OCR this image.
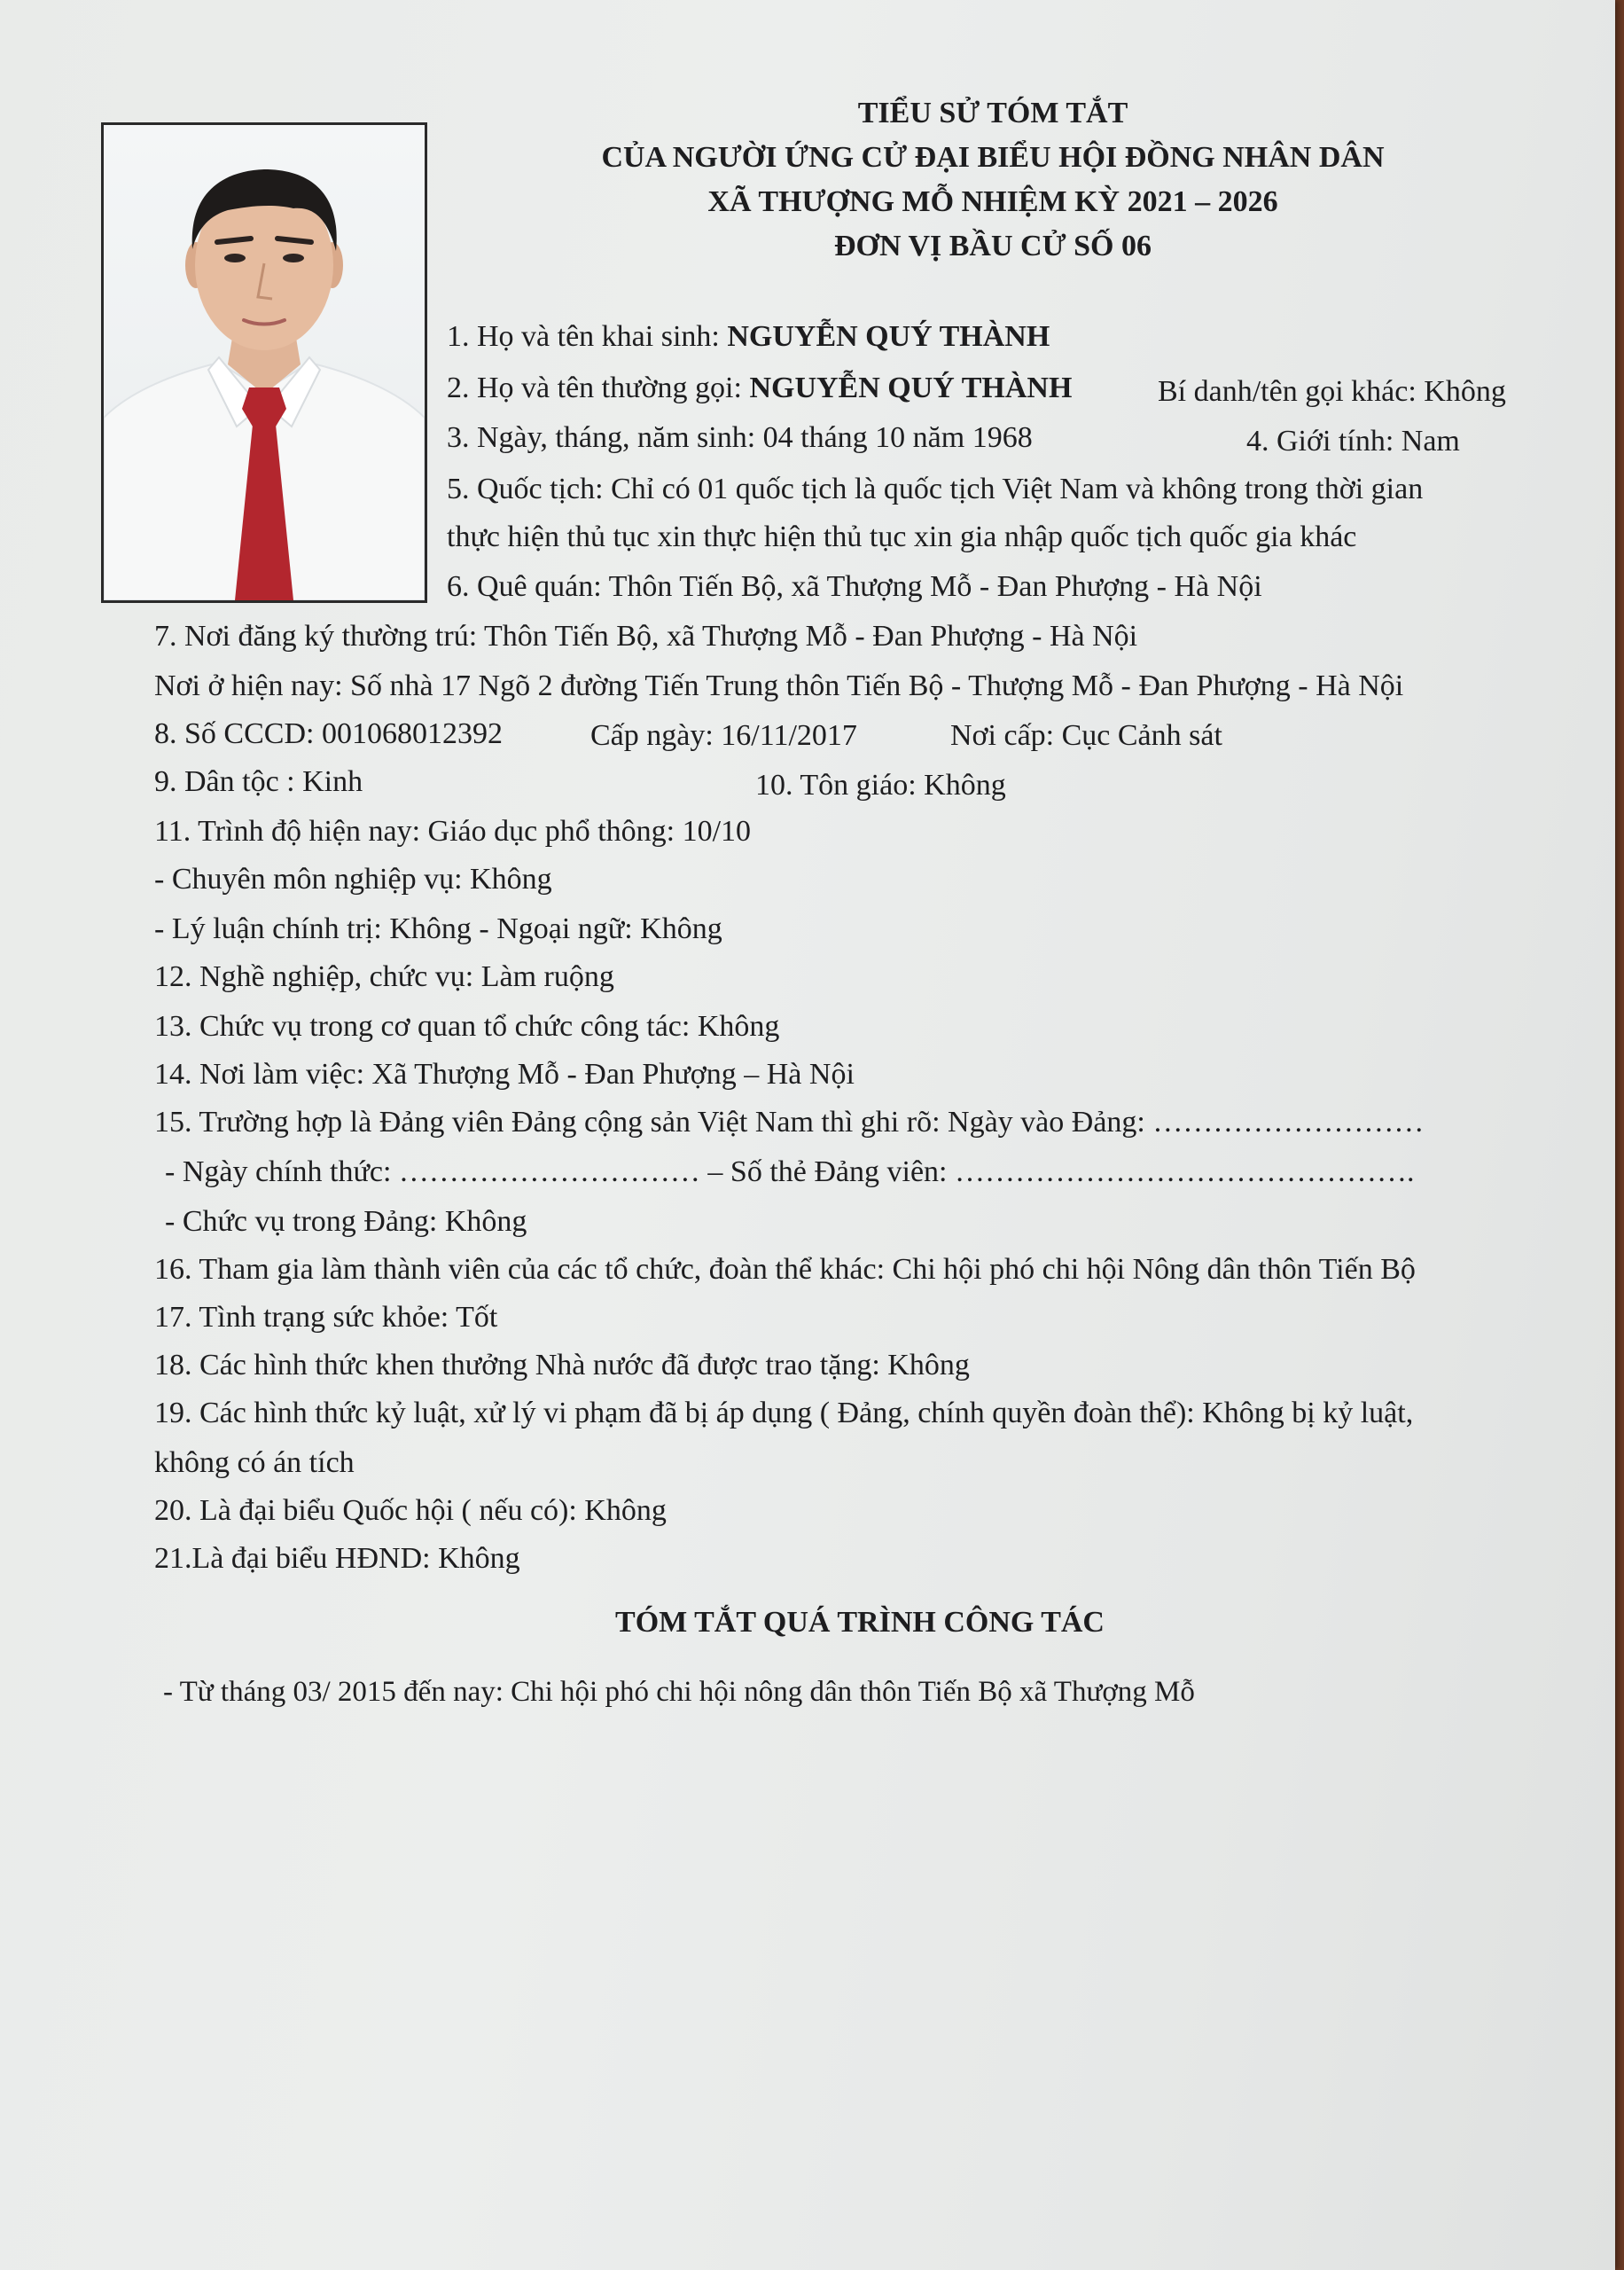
TIỂU SỬ TÓM TẮT
CỦA NGƯỜI ỨNG CỬ ĐẠI BIỂU HỘI ĐỒNG NHÂN DÂN
XÃ THƯỢNG MỖ NHIỆM KỲ 2021 – 2026
ĐƠN VỊ BẦU CỬ SỐ 06
1. Họ và tên khai sinh: NGUYỄN QUÝ THÀNH
2. Họ và tên thường gọi: NGUYỄN QUÝ THÀNH	Bí danh/tên gọi khác: Không
3. Ngày, tháng, năm sinh: 04 tháng 10 năm 1968	4. Giới tính: Nam
5. Quốc tịch: Chỉ có 01 quốc tịch là quốc tịch Việt Nam và không trong thời gian
thực hiện thủ tục xin thực hiện thủ tục xin gia nhập quốc tịch quốc gia khác
6. Quê quán: Thôn Tiến Bộ, xã Thượng Mỗ - Đan Phượng - Hà Nội
7. Nơi đăng ký thường trú: Thôn Tiến Bộ, xã Thượng Mỗ - Đan Phượng - Hà Nội
Nơi ở hiện nay: Số nhà 17 Ngõ 2 đường Tiến Trung thôn Tiến Bộ - Thượng Mỗ - Đan Phượng - Hà Nội
8. Số CCCD: 001068012392	Cấp ngày: 16/11/2017	Nơi cấp: Cục Cảnh sát
9. Dân tộc : Kinh	10. Tôn giáo: Không
11. Trình độ hiện nay: Giáo dục phổ thông: 10/10
- Chuyên môn nghiệp vụ: Không
- Lý luận chính trị: Không - Ngoại ngữ: Không
12. Nghề nghiệp, chức vụ: Làm ruộng
13. Chức vụ trong cơ quan tổ chức công tác: Không
14. Nơi làm việc: Xã Thượng Mỗ - Đan Phượng – Hà Nội
15. Trường hợp là Đảng viên Đảng cộng sản Việt Nam thì ghi rõ: Ngày vào Đảng: ………………………
- Ngày chính thức: ………………………… – Số thẻ Đảng viên: ……………………………………….
- Chức vụ trong Đảng: Không
16. Tham gia làm thành viên của các tổ chức, đoàn thể khác: Chi hội phó chi hội Nông dân thôn Tiến Bộ
17. Tình trạng sức khỏe: Tốt
18. Các hình thức khen thưởng Nhà nước đã được trao tặng: Không
19. Các hình thức kỷ luật, xử lý vi phạm đã bị áp dụng ( Đảng, chính quyền đoàn thể): Không bị kỷ luật,
không có án tích
20. Là đại biểu Quốc hội ( nếu có): Không
21.Là đại biểu HĐND: Không
TÓM TẮT QUÁ TRÌNH CÔNG TÁC
- Từ tháng 03/ 2015 đến nay: Chi hội phó chi hội nông dân thôn Tiến Bộ xã Thượng Mỗ
